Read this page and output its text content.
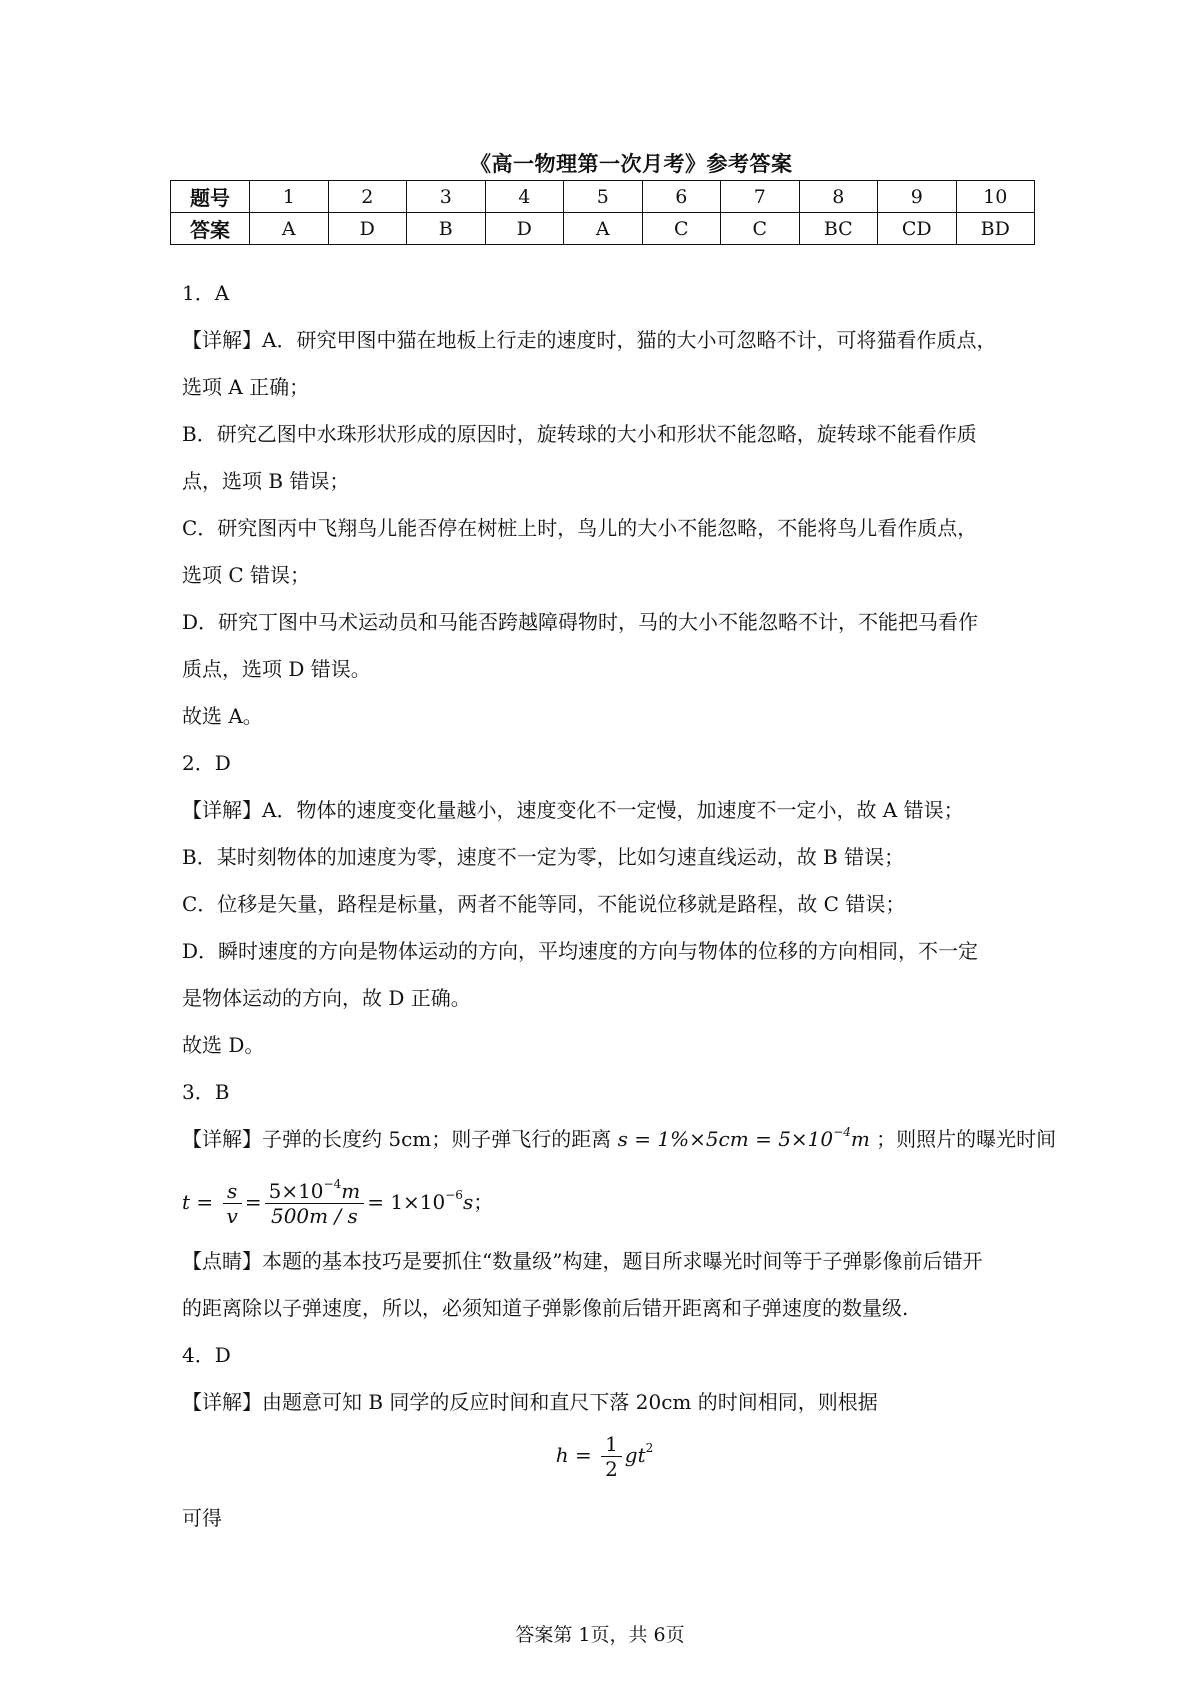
《高一物理第一次月考》参考答案
题号	1	2	3	4	5	6	7	8	9	10
答案	A	D	B	D	A	C	C	BC	CD	BD

1．A

【详解】A．研究甲图中猫在地板上行走的速度时，猫的大小可忽略不计，可将猫看作质点，

选项 A 正确；

B．研究乙图中水珠形状形成的原因时，旋转球的大小和形状不能忽略，旋转球不能看作质

点，选项 B 错误；

C．研究图丙中飞翔鸟儿能否停在树桩上时，鸟儿的大小不能忽略，不能将鸟儿看作质点，

选项 C 错误；

D．研究丁图中马术运动员和马能否跨越障碍物时，马的大小不能忽略不计，不能把马看作

质点，选项 D 错误。

故选 A。

2．D

【详解】A．物体的速度变化量越小，速度变化不一定慢，加速度不一定小，故 A 错误；

B．某时刻物体的加速度为零，速度不一定为零，比如匀速直线运动，故 B 错误；

C．位移是矢量，路程是标量，两者不能等同，不能说位移就是路程，故 C 错误；

D．瞬时速度的方向是物体运动的方向，平均速度的方向与物体的位移的方向相同，不一定

是物体运动的方向，故 D 正确。

故选 D。

3．B

【详解】子弹的长度约 5cm；则子弹飞行的距离 $s = 1\%\times 5cm = 5\times 10^{-4}m$ ；则照片的曝光时间

$t = \frac{s}{v} = \frac{5\times 10^{-4}m}{500m / s} = 1\times 10^{-6}s$；

【点睛】本题的基本技巧是要抓住“数量级”构建，题目所求曝光时间等于子弹影像前后错开

的距离除以子弹速度，所以，必须知道子弹影像前后错开距离和子弹速度的数量级.

4．D

【详解】由题意可知 B 同学的反应时间和直尺下落 20cm 的时间相同，则根据

$h = \frac{1}{2} gt^2$

可得

答案第 1页，共 6页
